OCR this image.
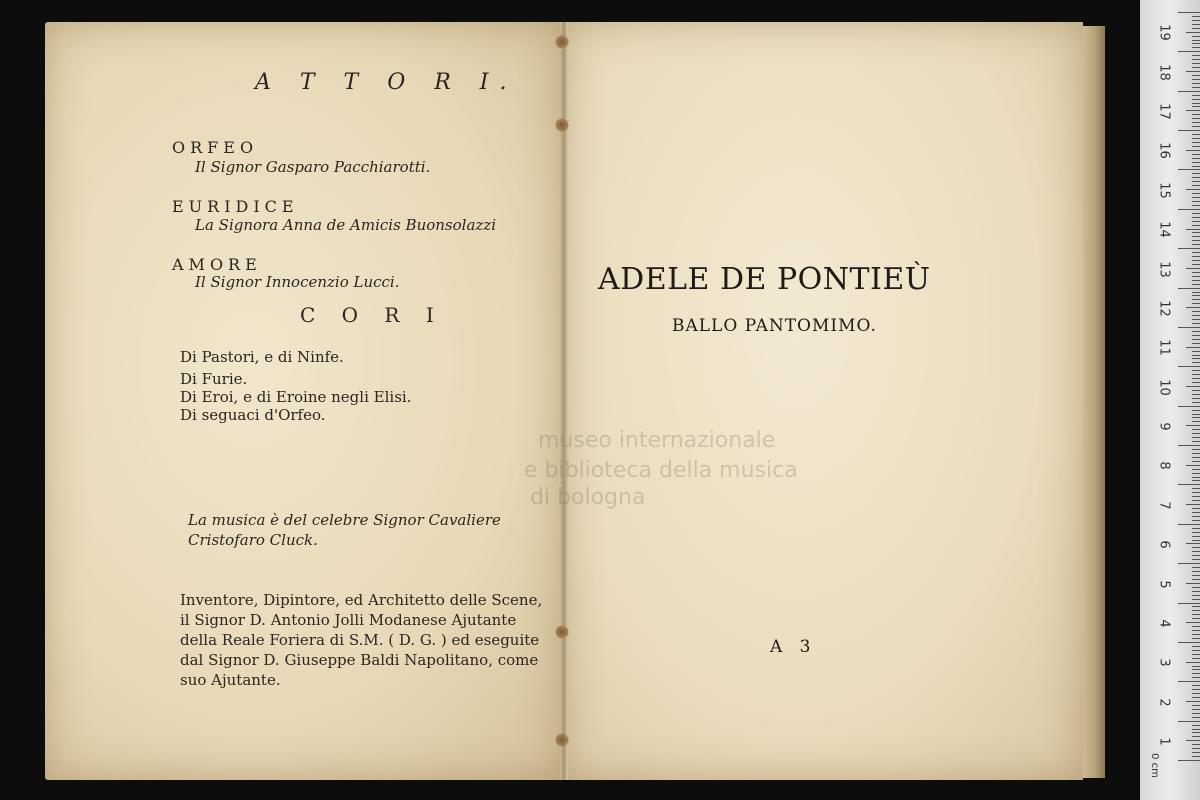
A T T O R I.
ORFEO
Il Signor Gasparo Pacchiarotti.
EURIDICE
La Signora Anna de Amicis Buonsolazzi
AMORE
Il Signor Innocenzio Lucci.
C O R I
Di Pastori, e di Ninfe.
Di Furie.
Di Eroi, e di Eroine negli Elisi.
Di seguaci d'Orfeo.
La musica è del celebre Signor Cavaliere Cristofaro Cluck.
Inventore, Dipintore, ed Architetto delle Scene, il Signor D. Antonio Jolli Modanese Ajutante della Reale Foriera di S.M. ( D. G. ) ed eseguite dal Signor D. Giuseppe Baldi Napolitano, come suo Ajutante.
ADELE DE PONTIEÙ
BALLO PANTOMIMO.
A 3
museo internazionale
e biblioteca della musica
di bologna
19
18
17
16
15
14
13
12
11
10
9
8
7
6
5
4
3
2
1
0 cm
